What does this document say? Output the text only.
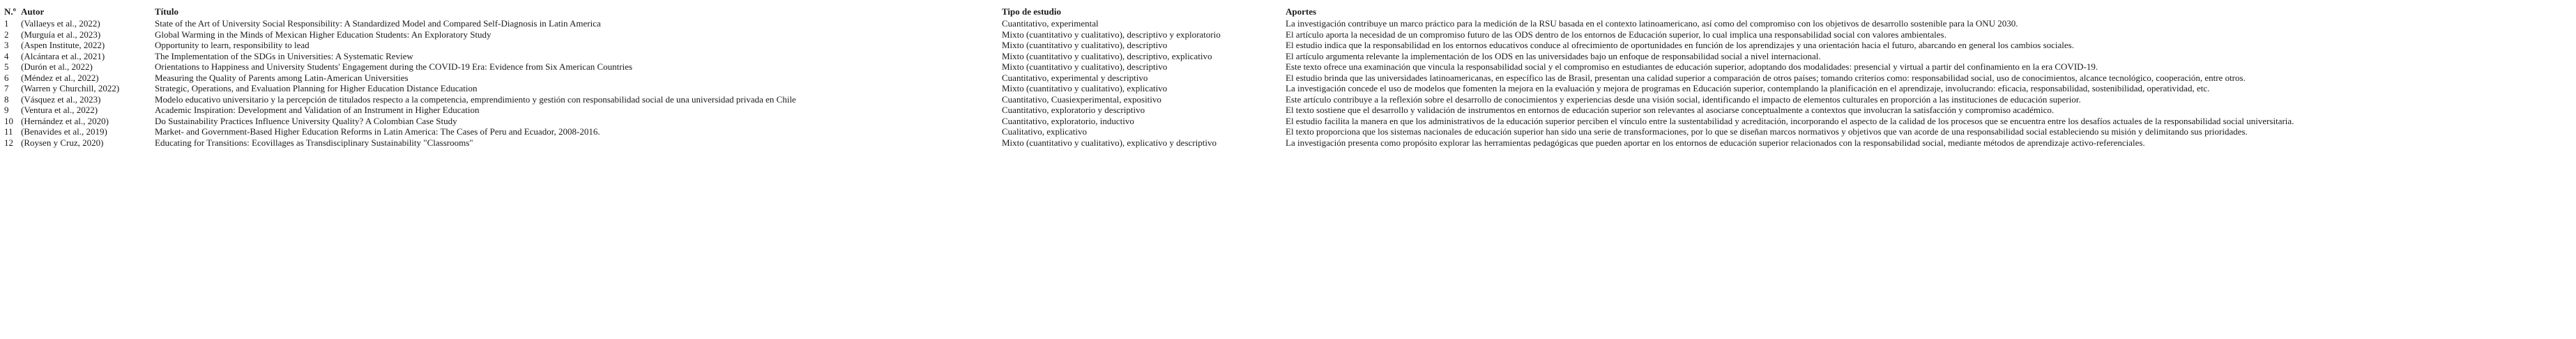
N.º Autor	Título	Tipo de estudio	Aportes
1	(Vallaeys et al., 2022)	State of the Art of University Social Responsibility: A Standardized Model and Compared Self-Diagnosis in Latin America	Cuantitativo, experimental	La investigación contribuye un marco práctico para la medición de la RSU basada en el contexto latinoamericano, así como del compromiso con los objetivos de desarrollo sostenible para la ONU 2030.
2	(Murguía et al., 2023)	Global Warming in the Minds of Mexican Higher Education Students: An Exploratory Study	Mixto (cuantitativo y cualitativo), descriptivo y exploratorio	El artículo aporta la necesidad de un compromiso futuro de las ODS dentro de los entornos de Educación superior, lo cual implica una responsabilidad social con valores ambientales.
3	(Aspen Institute, 2022)	Opportunity to learn, responsibility to lead	Mixto (cuantitativo y cualitativo), descriptivo	El estudio indica que la responsabilidad en los entornos educativos conduce al ofrecimiento de oportunidades en función de los aprendizajes y una orientación hacia el futuro, abarcando en general los cambios sociales.
4	(Alcántara et al., 2021)	The Implementation of the SDGs in Universities: A Systematic Review	Mixto (cuantitativo y cualitativo), descriptivo, explicativo	El artículo argumenta relevante la implementación de los ODS en las universidades bajo un enfoque de responsabilidad social a nivel internacional.
5	(Durón et al., 2022)	Orientations to Happiness and University Students' Engagement during the COVID-19 Era: Evidence from Six American Countries	Mixto (cuantitativo y cualitativo), descriptivo	Este texto ofrece una examinación que vincula la responsabilidad social y el compromiso en estudiantes de educación superior, adoptando dos modalidades: presencial y virtual a partir del confinamiento en la era COVID-19.
6	(Méndez et al., 2022)	Measuring the Quality of Parents among Latin-American Universities	Cuantitativo, experimental y descriptivo	El estudio brinda que las universidades latinoamericanas, en específico las de Brasil, presentan una calidad superior a comparación de otros países; tomando criterios como: responsabilidad social, uso de conocimientos, alcance tecnológico, cooperación, entre otros.
7	(Warren y Churchill, 2022)	Strategic, Operations, and Evaluation Planning for Higher Education Distance Education	Mixto (cuantitativo y cualitativo), explicativo	La investigación concede el uso de modelos que fomenten la mejora en la evaluación y mejora de programas en Educación superior, contemplando la planificación en el aprendizaje, involucrando: eficacia, responsabilidad, sostenibilidad, operatividad, etc.
8	(Vásquez et al., 2023)	Modelo educativo universitario y la percepción de titulados respecto a la competencia, emprendimiento y gestión con responsabilidad social de una universidad privada en Chile	Cuantitativo, Cuasiexperimental, expositivo	Este artículo contribuye a la reflexión sobre el desarrollo de conocimientos y experiencias desde una visión social, identificando el impacto de elementos culturales en proporción a las instituciones de educación superior.
9	(Ventura et al., 2022)	Academic Inspiration: Development and Validation of an Instrument in Higher Education	Cuantitativo, exploratorio y descriptivo	El texto sostiene que el desarrollo y validación de instrumentos en entornos de educación superior son relevantes al asociarse conceptualmente a contextos que involucran la satisfacción y compromiso académico.
10 (Hernández et al., 2020)	Do Sustainability Practices Influence University Quality? A Colombian Case Study	Cuantitativo, exploratorio, inductivo	El estudio facilita la manera en que los administrativos de la educación superior perciben el vínculo entre la sustentabilidad y acreditación, incorporando el aspecto de la calidad de los procesos que se encuentra entre los desafíos actuales de la responsabilidad social universitaria.
11 (Benavides et al., 2019)	Market- and Government-Based Higher Education Reforms in Latin America: The Cases of Peru and Ecuador, 2008-2016.	Cualitativo, explicativo	El texto proporciona que los sistemas nacionales de educación superior han sido una serie de transformaciones, por lo que se diseñan marcos normativos y objetivos que van acorde de una responsabilidad social estableciendo su misión y delimitando sus prioridades.
12 (Roysen y Cruz, 2020)	Educating for Transitions: Ecovillages as Transdisciplinary Sustainability "Classrooms"	Mixto (cuantitativo y cualitativo), explicativo y descriptivo	La investigación presenta como propósito explorar las herramientas pedagógicas que pueden aportar en los entornos de educación superior relacionados con la responsabilidad social, mediante métodos de aprendizaje activo-referenciales.
